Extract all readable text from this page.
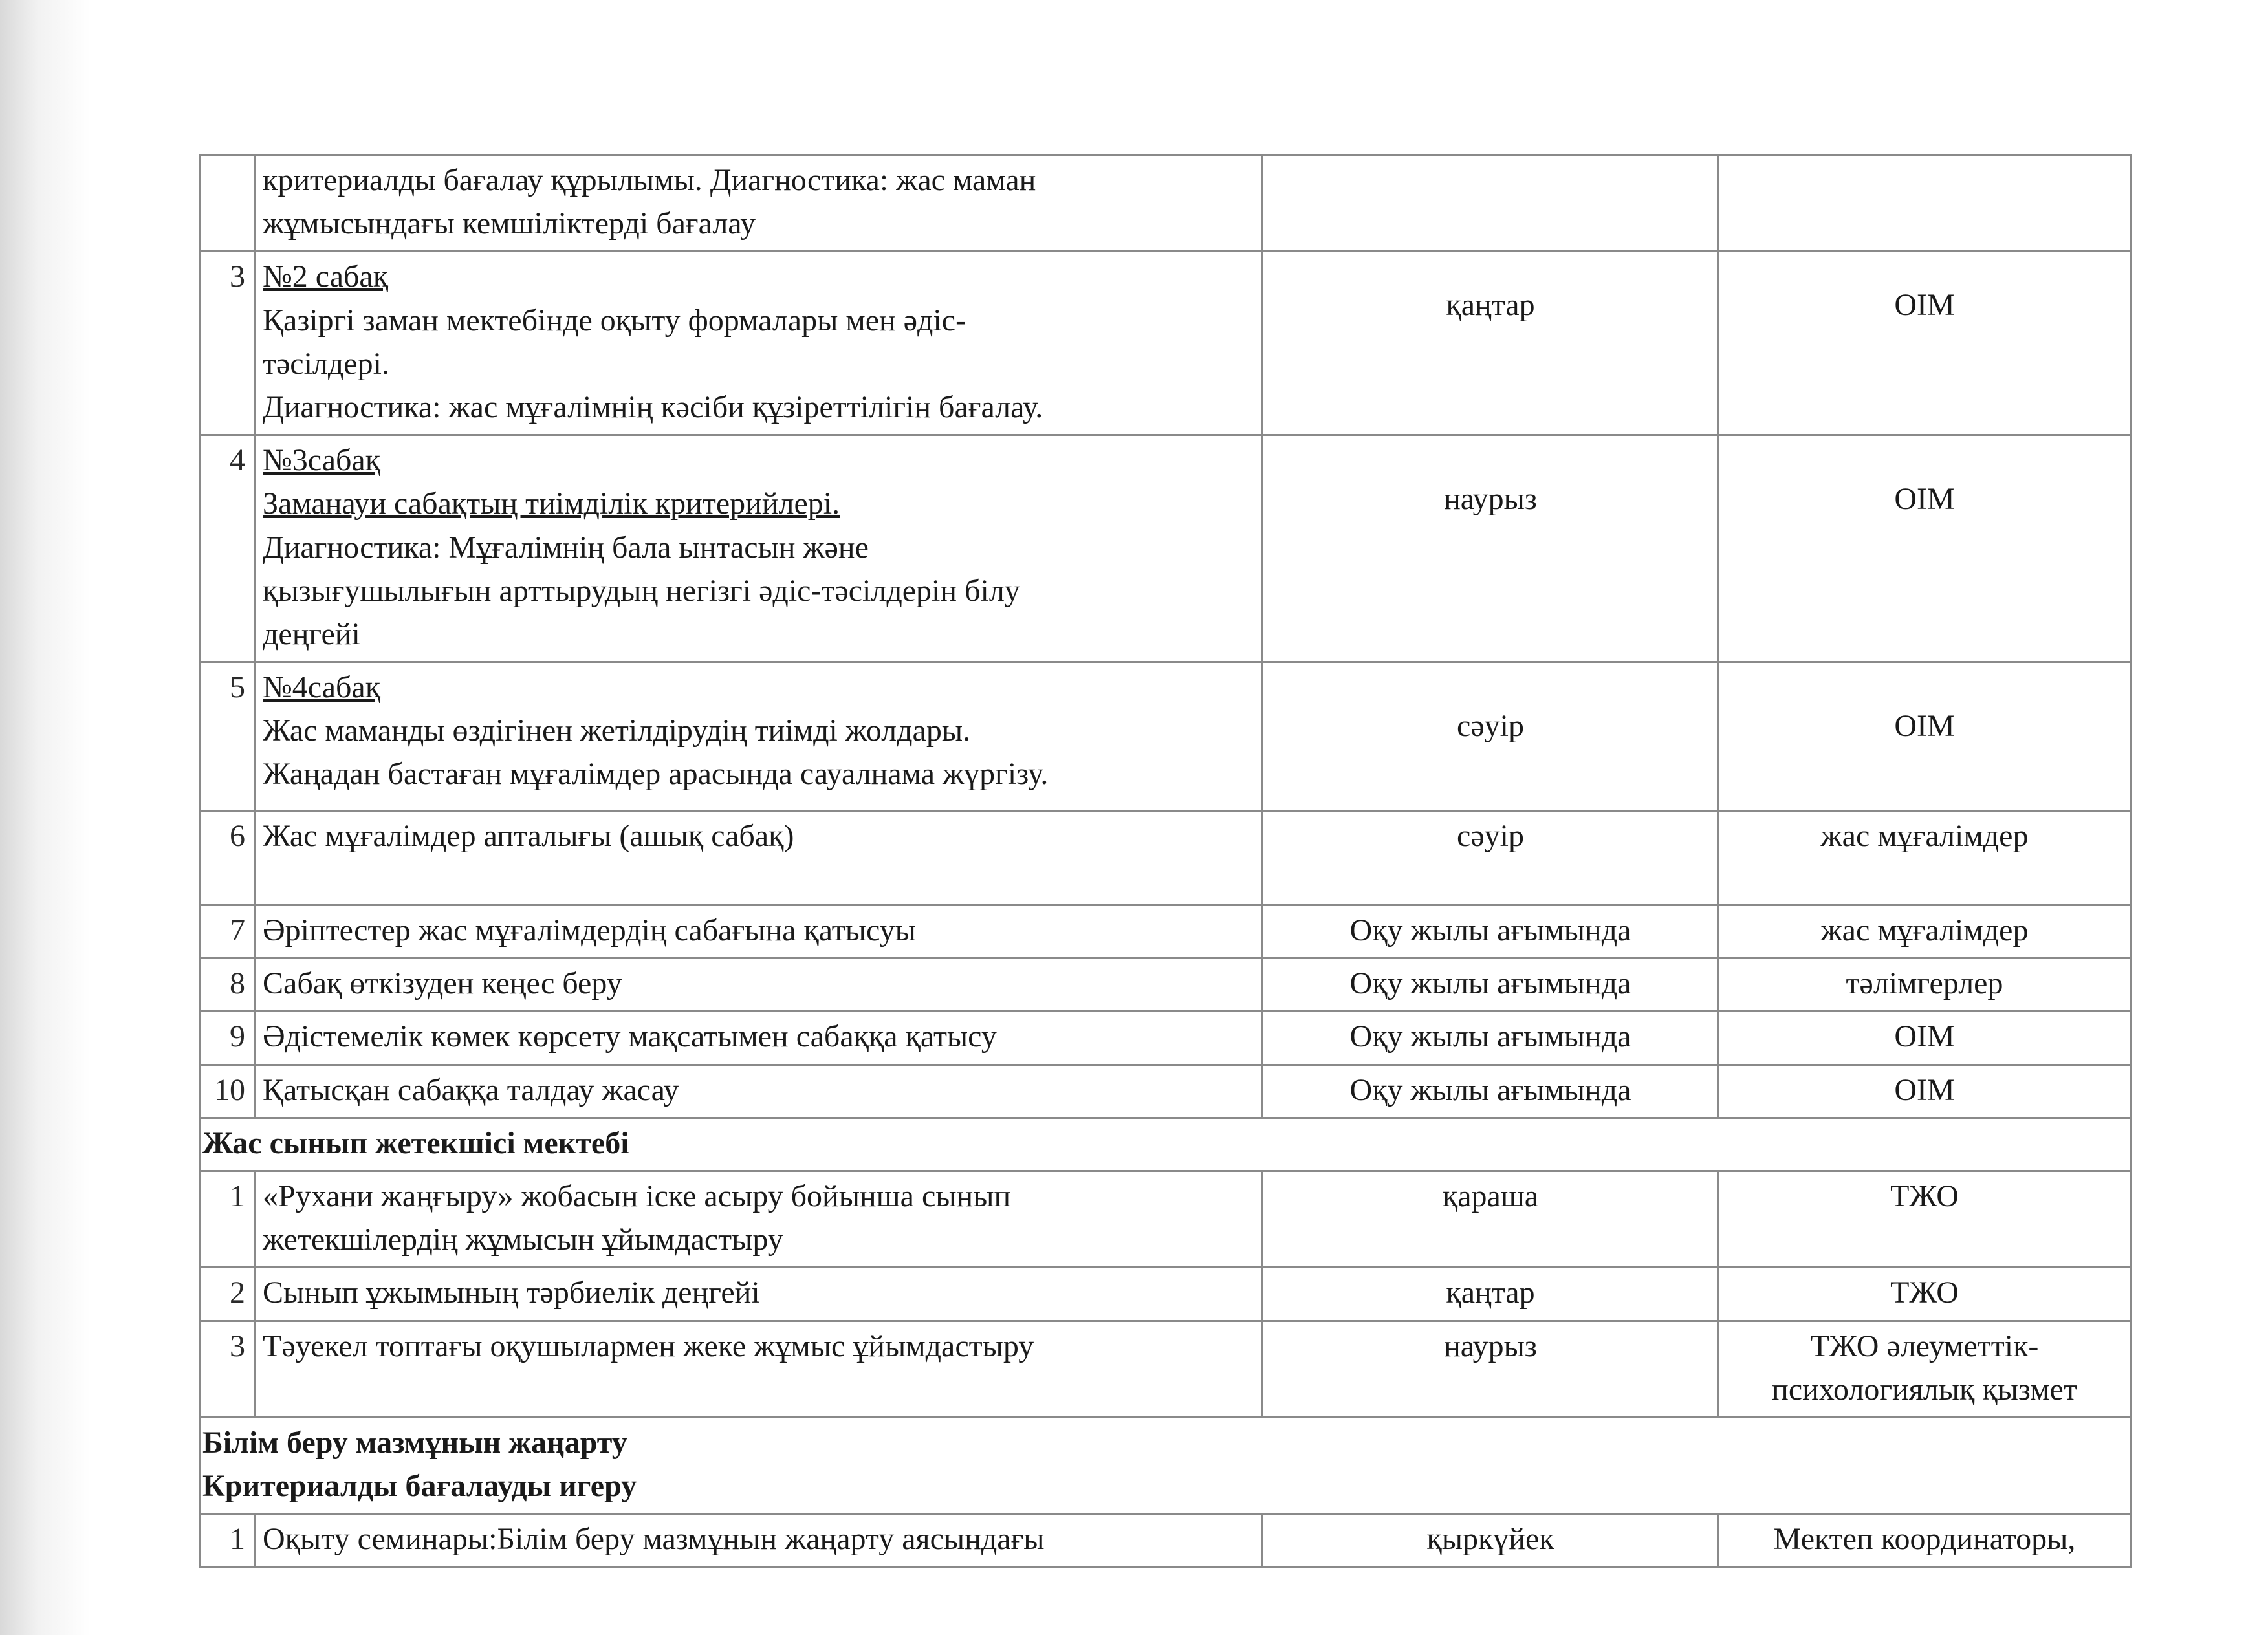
	критериалды бағалау құрылымы. Диагностика: жас маман
жұмысындағы кемшіліктерді бағалау		

3	№2 сабақ
Қазіргі заман мектебінде оқыту формалары мен әдіс-
тәсілдері.
Диагностика: жас мұғалімнің кәсіби құзіреттілігін бағалау.	қаңтар	ОІМ
4	№3сабақ
Заманауи сабақтың тиімділік критерийлері.
Диагностика: Мұғалімнің бала ынтасын және
қызығушылығын арттырудың негізгі әдіс-тәсілдерін білу
деңгейі	наурыз	ОІМ
5	№4сабақ
Жас маманды өздігінен жетілдірудің тиімді жолдары.
Жаңадан бастаған мұғалімдер арасында сауалнама жүргізу.	сәуір	ОІМ
6	Жас мұғалімдер апталығы (ашық сабақ)	сәуір	жас мұғалімдер
7	Әріптестер жас мұғалімдердің сабағына қатысуы	Оқу жылы ағымында	жас мұғалімдер
8	Сабақ өткізуден кеңес беру	Оқу жылы ағымында	тәлімгерлер
9	Әдістемелік көмек көрсету мақсатымен сабаққа қатысу	Оқу жылы ағымында	ОІМ
10	Қатысқан сабаққа талдау жасау	Оқу жылы ағымында	ОІМ

Жас сынып жетекшісі мектебі			

1	«Рухани жаңғыру» жобасын іске асыру бойынша сынып
жетекшілердің жұмысын ұйымдастыру	қараша	ТЖО
2	Сынып ұжымының тәрбиелік деңгейі	қаңтар	ТЖО
3	Тәуекел топтағы оқушылармен жеке жұмыс ұйымдастыру	наурыз	ТЖО әлеуметтік-психологиялық қызмет

Білім беру мазмұнын жаңарту
Критериалды бағалауды игеру			

1	Оқыту семинары:Білім беру мазмұнын жаңарту аясындағы	қыркүйек	Мектеп координаторы,
